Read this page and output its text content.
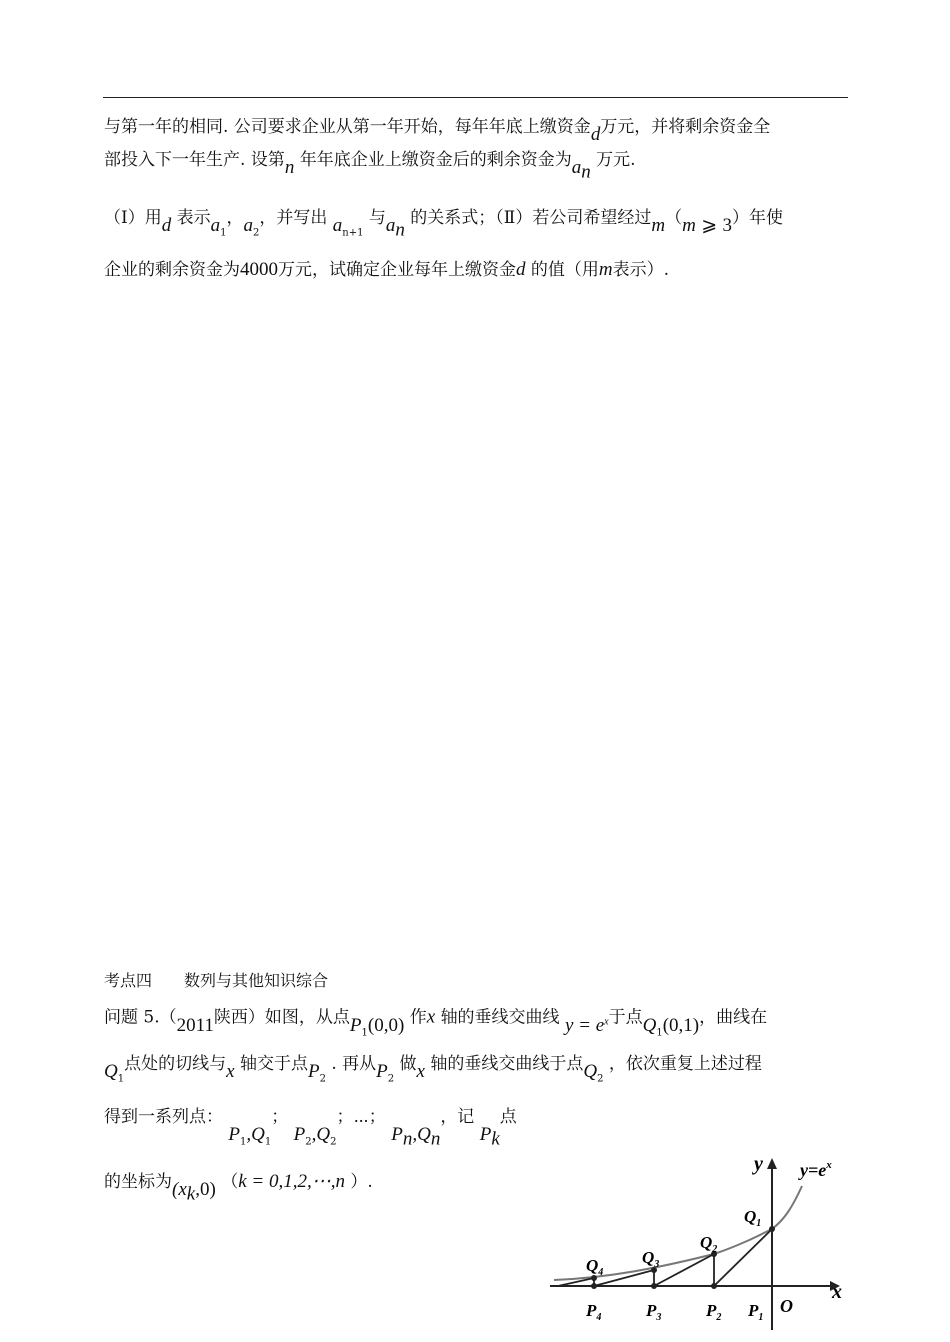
与第一年的相同. 公司要求企业从第一年开始，每年年底上缴资金d万元，并将剩余资金全
部投入下一年生产. 设第n 年年底企业上缴资金后的剩余资金为$a_n$ 万元.
（Ⅰ）用d 表示$a_1$，$a_2$，并写出 $a_{n+1}$ 与$a_n$ 的关系式；（Ⅱ）若公司希望经过m（m ⩾ 3）年使
企业的剩余资金为4000万元，试确定企业每年上缴资金d 的值（用m表示）.
考点四 数列与其他知识综合
问题 5.（2011陕西）如图，从点$P_1(0,0)$ 作x 轴的垂线交曲线 $y = e^x$于点$Q_1(0,1)$，曲线在
$Q_1$点处的切线与x 轴交于点$P_2$ . 再从$P_2$ 做x 轴的垂线交曲线于点$Q_2$ ，依次重复上述过程
得到一系列点： $P_1,Q_1$； $P_2,Q_2$；⋯； $P_n,Q_n$，记 $P_k$点
的坐标为$(x_k,0) (k$ = 0,1,2,⋯,n ）.
y
x
$y=e^x$
O
$Q_1$
$Q_2$
$Q_3$
$Q_4$
$P_1$
$P_2$
$P_3$
$P_4$
